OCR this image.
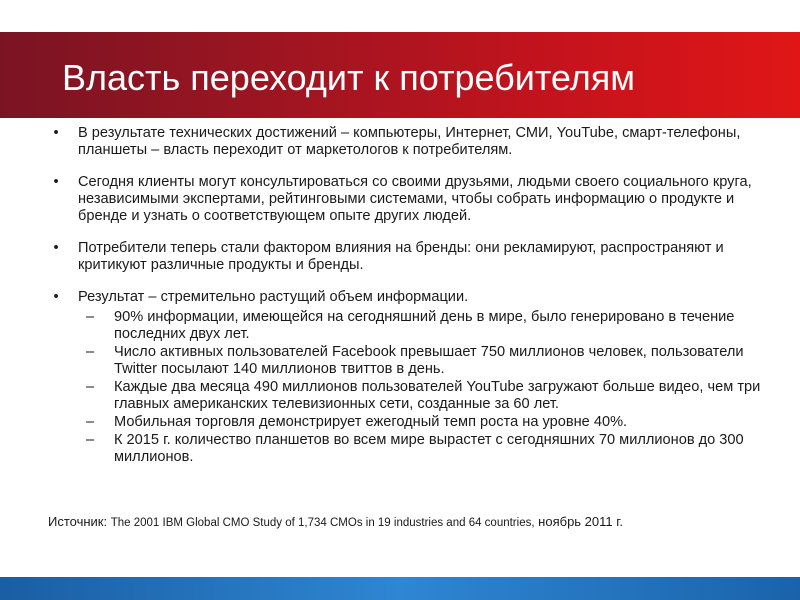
Власть переходит к потребителям
•	В результате технических достижений – компьютеры, Интернет, СМИ, YouTube, смарт-телефоны, планшеты – власть переходит от маркетологов к потребителям.
•	Сегодня клиенты могут консультироваться со своими друзьями, людьми своего социального круга, независимыми экспертами, рейтинговыми системами, чтобы собрать информацию о продукте и бренде и узнать о соответствующем опыте других людей.
•	Потребители теперь стали фактором влияния на бренды: они рекламируют, распространяют и критикуют различные продукты и бренды.
•	Результат – стремительно растущий объем информации.
– 90% информации, имеющейся на сегодняшний день в мире, было генерировано в течение последних двух лет.
– Число активных пользователей Facebook превышает 750 миллионов человек, пользователи Twitter посылают 140 миллионов твиттов в день.
– Каждые два месяца 490 миллионов пользователей YouTube загружают больше видео, чем три главных американских телевизионных сети, созданные за 60 лет.
– Мобильная торговля демонстрирует ежегодный темп роста на уровне 40%.
– К 2015 г. количество планшетов во всем мире вырастет с сегодняшних 70 миллионов до 300 миллионов.
Источник: The 2001 IBM Global CMO Study of 1,734 CMOs in 19 industries and 64 countries, ноябрь 2011 г.
